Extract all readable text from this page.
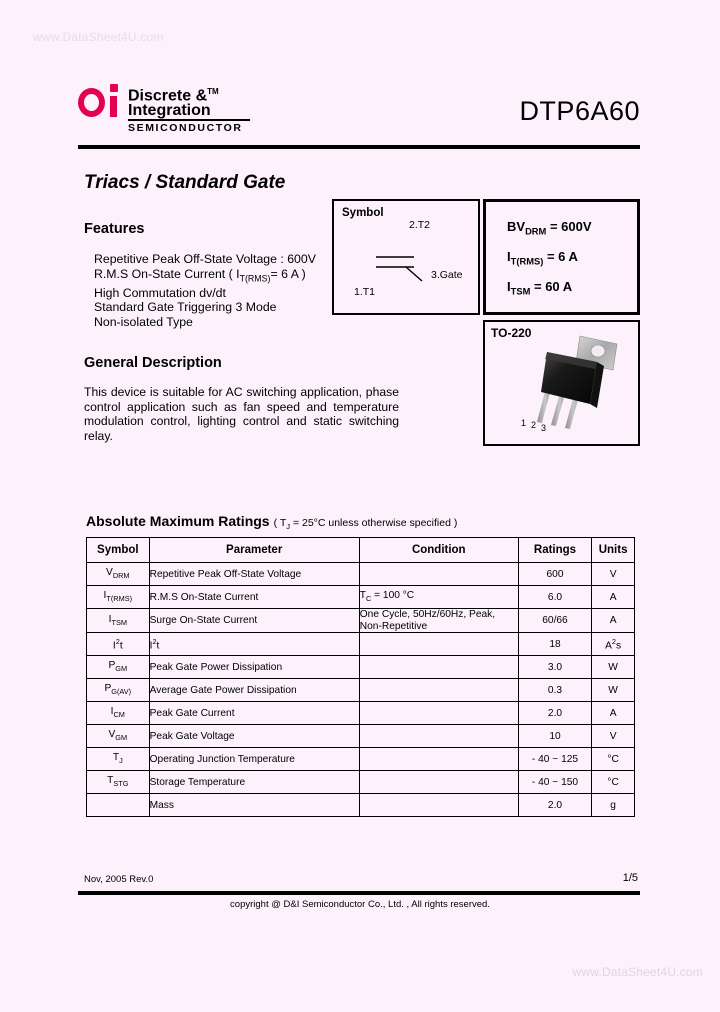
www.DataSheet4U.com
www.DataSheet4U.com
Discrete &™
Integration
SEMICONDUCTOR
DTP6A60
Triacs / Standard Gate
Features
Repetitive Peak Off-State Voltage : 600V
R.M.S On-State Current ( $I_{T(RMS)}= 6$ A )
High Commutation dv/dt
Standard Gate Triggering 3 Mode
Non-isolated Type
General Description
This device is suitable for AC switching application, phase control application such as fan speed and temperature modulation control, lighting control and static switching relay.
Symbol
2.T2
3.Gate
1.T1
$BV_{DRM} = 600V$
$I_{T(RMS)} = 6$ A
$I_{TSM} = 60$ A
TO-220
1 2 3
Absolute Maximum Ratings ( $T_J = 25^\circ C$ unless otherwise specified )
Symbol	Parameter	Condition	Ratings	Units
$V_{DRM}$	Repetitive Peak Off-State Voltage		600	V
$I_{T(RMS)}$	R.M.S On-State Current	$T_C = 100$ °C	6.0	A
$I_{TSM}$	Surge On-State Current	One Cycle, 50Hz/60Hz, Peak,
Non-Repetitive	60/66	A
$I^2t$	$I^2t$		18	$A^2s$
$P_{GM}$	Peak Gate Power Dissipation		3.0	W
$P_{G(AV)}$	Average Gate Power Dissipation		0.3	W
$I_{CM}$	Peak Gate Current		2.0	A
$V_{GM}$	Peak Gate Voltage		10	V
$T_J$	Operating Junction Temperature		- 40 ~ 125	°C
$T_{STG}$	Storage Temperature		- 40 ~ 150	°C
	Mass		2.0	g
Nov, 2005 Rev.0	1/5
copyright @ D&I Semiconductor Co., Ltd. , All rights reserved.
